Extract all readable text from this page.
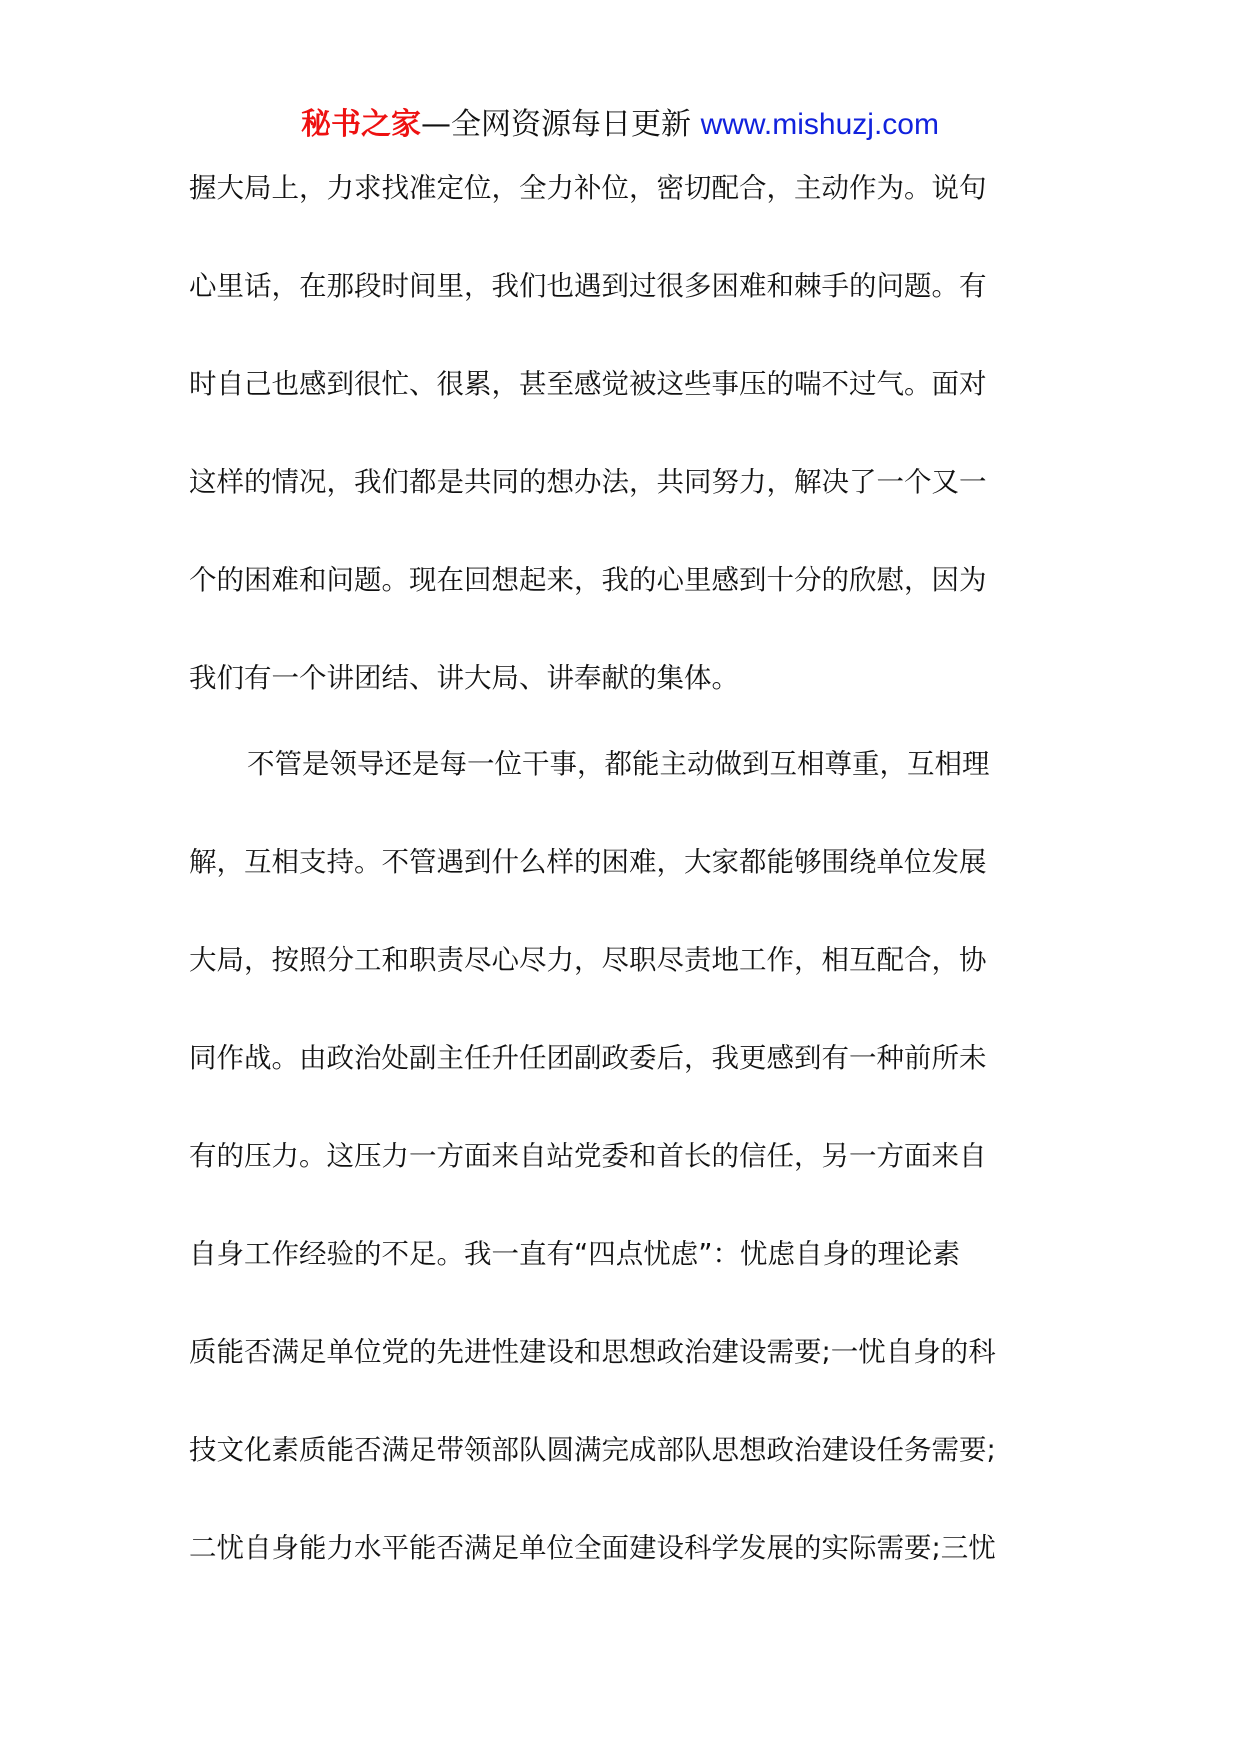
秘书之家—全网资源每日更新 www.mishuzj.com
握大局上，力求找准定位，全力补位，密切配合，主动作为。说句
心里话，在那段时间里，我们也遇到过很多困难和棘手的问题。有
时自己也感到很忙、很累，甚至感觉被这些事压的喘不过气。面对
这样的情况，我们都是共同的想办法，共同努力，解决了一个又一
个的困难和问题。现在回想起来，我的心里感到十分的欣慰，因为
我们有一个讲团结、讲大局、讲奉献的集体。
不管是领导还是每一位干事，都能主动做到互相尊重，互相理
解，互相支持。不管遇到什么样的困难，大家都能够围绕单位发展
大局，按照分工和职责尽心尽力，尽职尽责地工作，相互配合，协
同作战。由政治处副主任升任团副政委后，我更感到有一种前所未
有的压力。这压力一方面来自站党委和首长的信任，另一方面来自
自身工作经验的不足。我一直有“四点忧虑”：忧虑自身的理论素
质能否满足单位党的先进性建设和思想政治建设需要;一忧自身的科
技文化素质能否满足带领部队圆满完成部队思想政治建设任务需要;
二忧自身能力水平能否满足单位全面建设科学发展的实际需要;三忧
